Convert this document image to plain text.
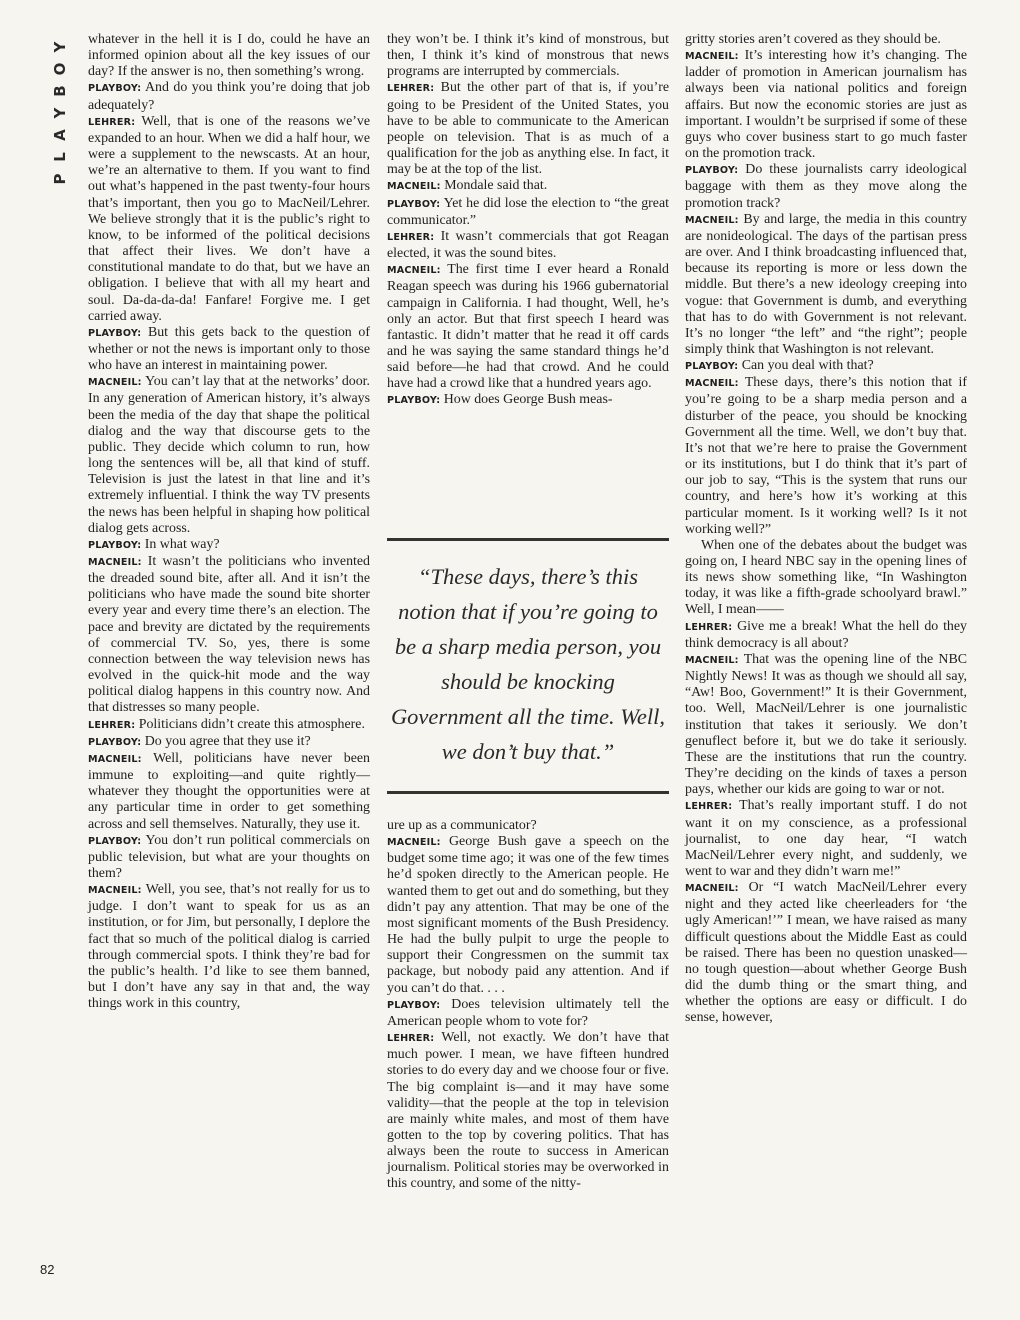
Y
O
B
Y
A
L
P

whatever in the hell it is I do, could he have an informed opinion about all the key issues of our day? If the answer is no, then something’s wrong.

PLAYBOY: And do you think you’re doing that job adequately?

LEHRER: Well, that is one of the reasons we’ve expanded to an hour. When we did a half hour, we were a supplement to the newscasts. At an hour, we’re an alternative to them. If you want to find out what’s happened in the past twenty-four hours that’s important, then you go to MacNeil/Lehrer. We believe strongly that it is the public’s right to know, to be informed of the political decisions that affect their lives. We don’t have a constitutional mandate to do that, but we have an obligation. I believe that with all my heart and soul. Da-da-da-da! Fanfare! Forgive me. I get carried away.

PLAYBOY: But this gets back to the question of whether or not the news is important only to those who have an interest in maintaining power.

MACNEIL: You can’t lay that at the networks’ door. In any generation of American history, it’s always been the media of the day that shape the political dialog and the way that discourse gets to the public. They decide which column to run, how long the sentences will be, all that kind of stuff. Television is just the latest in that line and it’s extremely influential. I think the way TV presents the news has been helpful in shaping how political dialog gets across.

PLAYBOY: In what way?

MACNEIL: It wasn’t the politicians who invented the dreaded sound bite, after all. And it isn’t the politicians who have made the sound bite shorter every year and every time there’s an election. The pace and brevity are dictated by the requirements of commercial TV. So, yes, there is some connection between the way television news has evolved in the quick-hit mode and the way political dialog happens in this country now. And that distresses so many people.

LEHRER: Politicians didn’t create this atmosphere.

PLAYBOY: Do you agree that they use it?

MACNEIL: Well, politicians have never been immune to exploiting—and quite rightly—whatever they thought the opportunities were at any particular time in order to get something across and sell themselves. Naturally, they use it.

PLAYBOY: You don’t run political commercials on public television, but what are your thoughts on them?

MACNEIL: Well, you see, that’s not really for us to judge. I don’t want to speak for us as an institution, or for Jim, but personally, I deplore the fact that so much of the political dialog is carried through commercial spots. I think they’re bad for the public’s health. I’d like to see them banned, but I don’t have any say in that and, the way things work in this country,

they won’t be. I think it’s kind of monstrous, but then, I think it’s kind of monstrous that news programs are interrupted by commercials.

LEHRER: But the other part of that is, if you’re going to be President of the United States, you have to be able to communicate to the American people on television. That is as much of a qualification for the job as anything else. In fact, it may be at the top of the list.

MACNEIL: Mondale said that.

PLAYBOY: Yet he did lose the election to “the great communicator.”

LEHRER: It wasn’t commercials that got Reagan elected, it was the sound bites.

MACNEIL: The first time I ever heard a Ronald Reagan speech was during his 1966 gubernatorial campaign in California. I had thought, Well, he’s only an actor. But that first speech I heard was fantastic. It didn’t matter that he read it off cards and he was saying the same standard things he’d said before—he had that crowd. And he could have had a crowd like that a hundred years ago.

PLAYBOY: How does George Bush meas-

“These days, there’s this notion that if you’re going to be a sharp media person, you should be knocking Government all the time. Well, we don’t buy that.”

ure up as a communicator?

MACNEIL: George Bush gave a speech on the budget some time ago; it was one of the few times he’d spoken directly to the American people. He wanted them to get out and do something, but they didn’t pay any attention. That may be one of the most significant moments of the Bush Presidency. He had the bully pulpit to urge the people to support their Congressmen on the summit tax package, but nobody paid any attention. And if you can’t do that. . . .

PLAYBOY: Does television ultimately tell the American people whom to vote for?

LEHRER: Well, not exactly. We don’t have that much power. I mean, we have fifteen hundred stories to do every day and we choose four or five. The big complaint is—and it may have some validity—that the people at the top in television are mainly white males, and most of them have gotten to the top by covering politics. That has always been the route to success in American journalism. Political stories may be overworked in this country, and some of the nitty-

gritty stories aren’t covered as they should be.

MACNEIL: It’s interesting how it’s changing. The ladder of promotion in American journalism has always been via national politics and foreign affairs. But now the economic stories are just as important. I wouldn’t be surprised if some of these guys who cover business start to go much faster on the promotion track.

PLAYBOY: Do these journalists carry ideological baggage with them as they move along the promotion track?

MACNEIL: By and large, the media in this country are nonideological. The days of the partisan press are over. And I think broadcasting influenced that, because its reporting is more or less down the middle. But there’s a new ideology creeping into vogue: that Government is dumb, and everything that has to do with Government is not relevant. It’s no longer “the left” and “the right”; people simply think that Washington is not relevant.

PLAYBOY: Can you deal with that?

MACNEIL: These days, there’s this notion that if you’re going to be a sharp media person and a disturber of the peace, you should be knocking Government all the time. Well, we don’t buy that. It’s not that we’re here to praise the Government or its institutions, but I do think that it’s part of our job to say, “This is the system that runs our country, and here’s how it’s working at this particular moment. Is it working well? Is it not working well?”

When one of the debates about the budget was going on, I heard NBC say in the opening lines of its news show something like, “In Washington today, it was like a fifth-grade schoolyard brawl.” Well, I mean——

LEHRER: Give me a break! What the hell do they think democracy is all about?

MACNEIL: That was the opening line of the NBC Nightly News! It was as though we should all say, “Aw! Boo, Government!” It is their Government, too. Well, MacNeil/Lehrer is one journalistic institution that takes it seriously. We don’t genuflect before it, but we do take it seriously. These are the institutions that run the country. They’re deciding on the kinds of taxes a person pays, whether our kids are going to war or not.

LEHRER: That’s really important stuff. I do not want it on my conscience, as a professional journalist, to one day hear, “I watch MacNeil/Lehrer every night, and suddenly, we went to war and they didn’t warn me!”

MACNEIL: Or “I watch MacNeil/Lehrer every night and they acted like cheerleaders for ‘the ugly American!’” I mean, we have raised as many difficult questions about the Middle East as could be raised. There has been no question unasked—no tough question—about whether George Bush did the dumb thing or the smart thing, and whether the options are easy or difficult. I do sense, however,

82
